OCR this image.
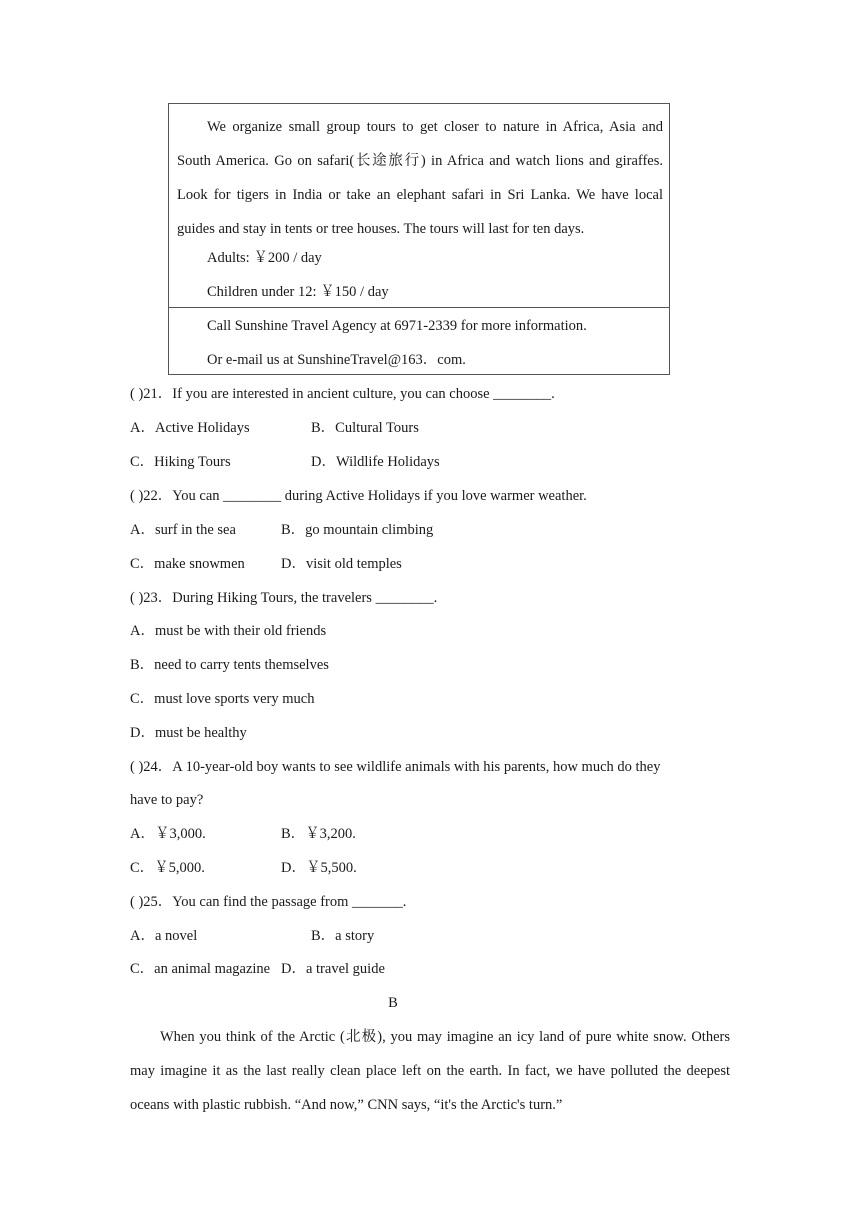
We organize small group tours to get closer to nature in Africa, Asia and South America. Go on safari(长途旅行) in Africa and watch lions and giraffes. Look for tigers in India or take an elephant safari in Sri Lanka. We have local guides and stay in tents or tree houses. The tours will last for ten days.
Adults: ￥200 / day
Children under 12: ￥150 / day
Call Sunshine Travel Agency at 6971-2339 for more information.
Or e-mail us at SunshineTravel@163．com.
( )21．If you are interested in ancient culture, you can choose ________.
A．Active Holidays	B．Cultural Tours
C．Hiking Tours	D．Wildlife Holidays
( )22．You can ________ during Active Holidays if you love warmer weather.
A．surf in the sea	B．go mountain climbing
C．make snowmen D．visit old temples
( )23．During Hiking Tours, the travelers ________.
A．must be with their old friends
B．need to carry tents themselves
C．must love sports very much
D．must be healthy
( )24．A 10-year-old boy wants to see wildlife animals with his parents, how much do they
have to pay?
A．￥3,000.	B．￥3,200.
C．￥5,000.	D．￥5,500.
( )25．You can find the passage from _______.
A．a novel	B．a story
C．an animal magazine D．a travel guide
B
When you think of the Arctic (北极), you may imagine an icy land of pure white snow. Others may imagine it as the last really clean place left on the earth. In fact, we have polluted the deepest oceans with plastic rubbish. “And now,” CNN says, “it's the Arctic's turn.”
